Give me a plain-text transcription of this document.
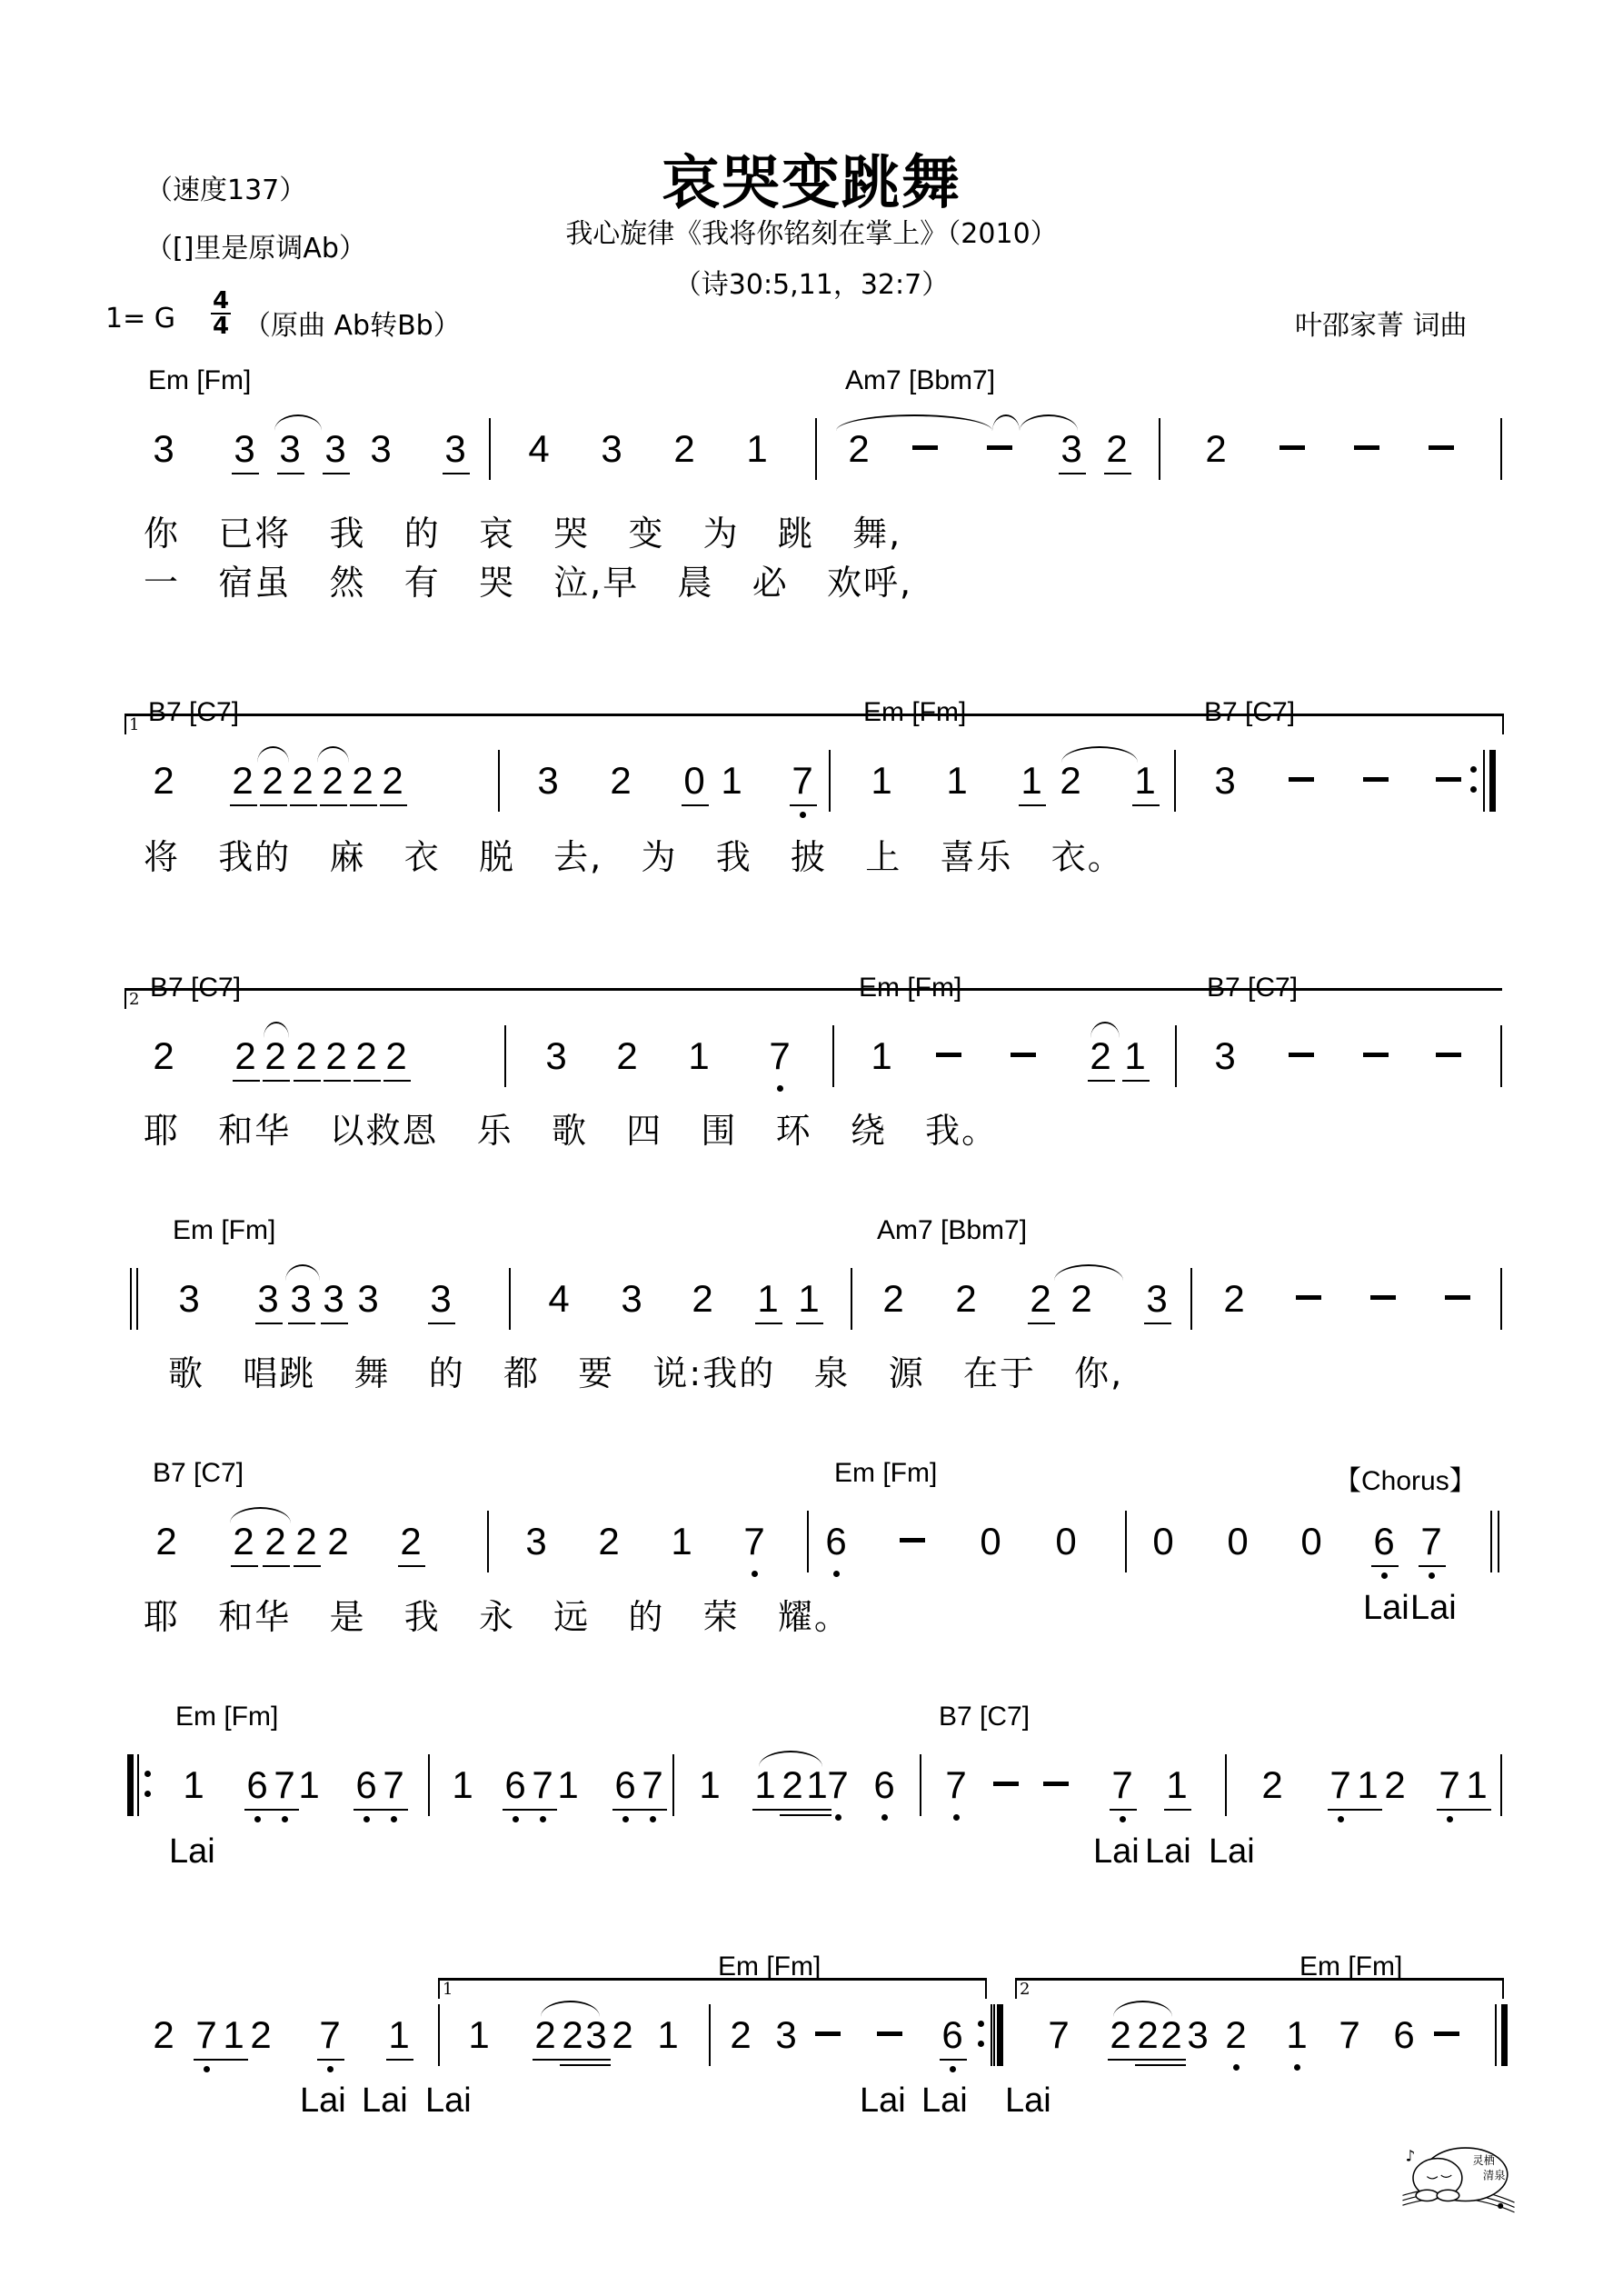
哀哭变跳舞
（速度137）
（[]里是原调Ab）	我心旋律《我将你铭刻在掌上》（2010）
（诗30:5,11，32:7）
1= G
4
4 （原曲 Ab转Bb）	叶邵家菁 词曲
Em [Fm]	Am7 [Bbm7]
3 3 3 3 3 3 4 3 2 1 2	3 2 2
你   已将   我   的   哀   哭   变   为   跳   舞,
一   宿虽   然   有   哭   泣,早   晨   必   欢呼,
B7 [C7]	Em [Fm]	B7 [C7]
2 2 2 2 2 2 2	3 2 0 1 7 1 1 1 2 1 3
1
将   我的   麻   衣   脱   去,   为   我   披   上   喜乐   衣。
B7 [C7]	Em [Fm]	B7 [C7]
2 2 2 2 2 2 2	3 2 1 7 1	2 1 3
2
耶   和华   以救恩   乐   歌   四   围   环   绕   我。
Em [Fm]	Am7 [Bbm7]
3 3 3 3 3 3	4 3 2 1 1 2 2 2 2 3 2
歌   唱跳   舞   的   都   要   说:我的   泉   源   在于   你,
B7 [C7]	Em [Fm]
2 2 2 2 2 2	3 2 1 7 6	0 0 0 0 0 6 7
耶   和华   是   我   永   远   的   荣   耀。
【Chorus】
Lai Lai
Em [Fm]	B7 [C7]
1 6 7 1 6 7 1 6 7 1 6 7 1 1 2 1 7 6 7	7 1 2 7 1 2 7 1
Lai	Lai Lai Lai
Em [Fm]	Em [Fm]
2 7 1 2 7 1 1 2 2 3 2 1 2 3	6 7 2 2 2 3 2 1 7 6
1	2
Lai Lai Lai	Lai Lai Lai
♪	灵栖
清泉
